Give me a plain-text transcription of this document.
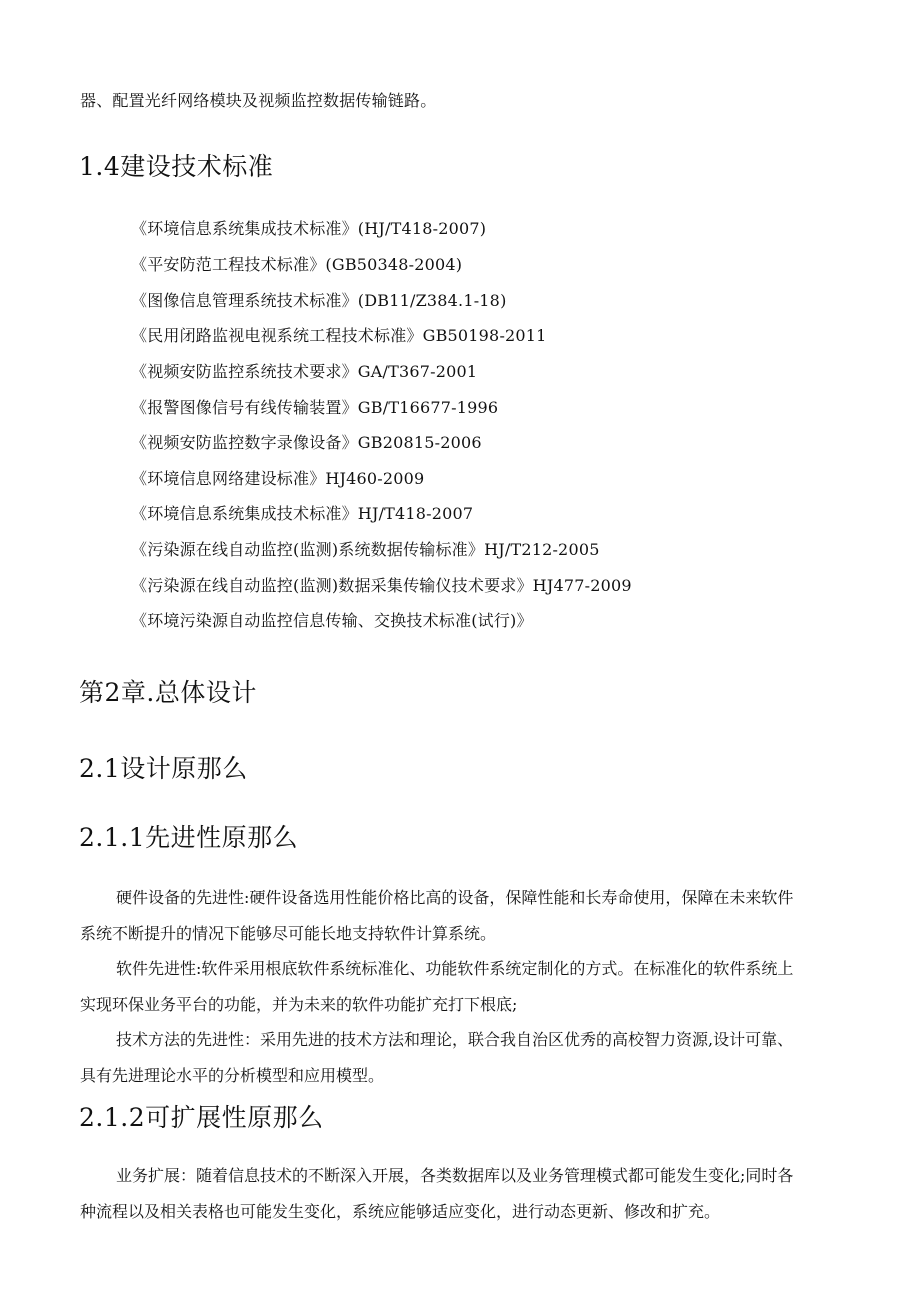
器、配置光纤网络模块及视频监控数据传输链路。
1.4建设技术标准
《环境信息系统集成技术标准》(HJ/T418-2007)
《平安防范工程技术标准》(GB50348-2004)
《图像信息管理系统技术标准》(DB11/Z384.1-18)
《民用闭路监视电视系统工程技术标准》GB50198-2011
《视频安防监控系统技术要求》GA/T367-2001
《报警图像信号有线传输装置》GB/T16677-1996
《视频安防监控数字录像设备》GB20815-2006
《环境信息网络建设标准》HJ460-2009
《环境信息系统集成技术标准》HJ/T418-2007
《污染源在线自动监控(监测)系统数据传输标准》HJ/T212-2005
《污染源在线自动监控(监测)数据采集传输仪技术要求》HJ477-2009
《环境污染源自动监控信息传输、交换技术标准(试行)》
第2章.总体设计
2.1设计原那么
2.1.1先进性原那么

硬件设备的先进性:硬件设备选用性能价格比高的设备，保障性能和长寿命使用，保障在未来软件

系统不断提升的情况下能够尽可能长地支持软件计算系统。

软件先进性:软件采用根底软件系统标准化、功能软件系统定制化的方式。在标准化的软件系统上

实现环保业务平台的功能，并为未来的软件功能扩充打下根底;

技术方法的先进性：采用先进的技术方法和理论，联合我自治区优秀的高校智力资源,设计可靠、

具有先进理论水平的分析模型和应用模型。

2.1.2可扩展性原那么

业务扩展：随着信息技术的不断深入开展，各类数据库以及业务管理模式都可能发生变化;同时各

种流程以及相关表格也可能发生变化，系统应能够适应变化，进行动态更新、修改和扩充。
